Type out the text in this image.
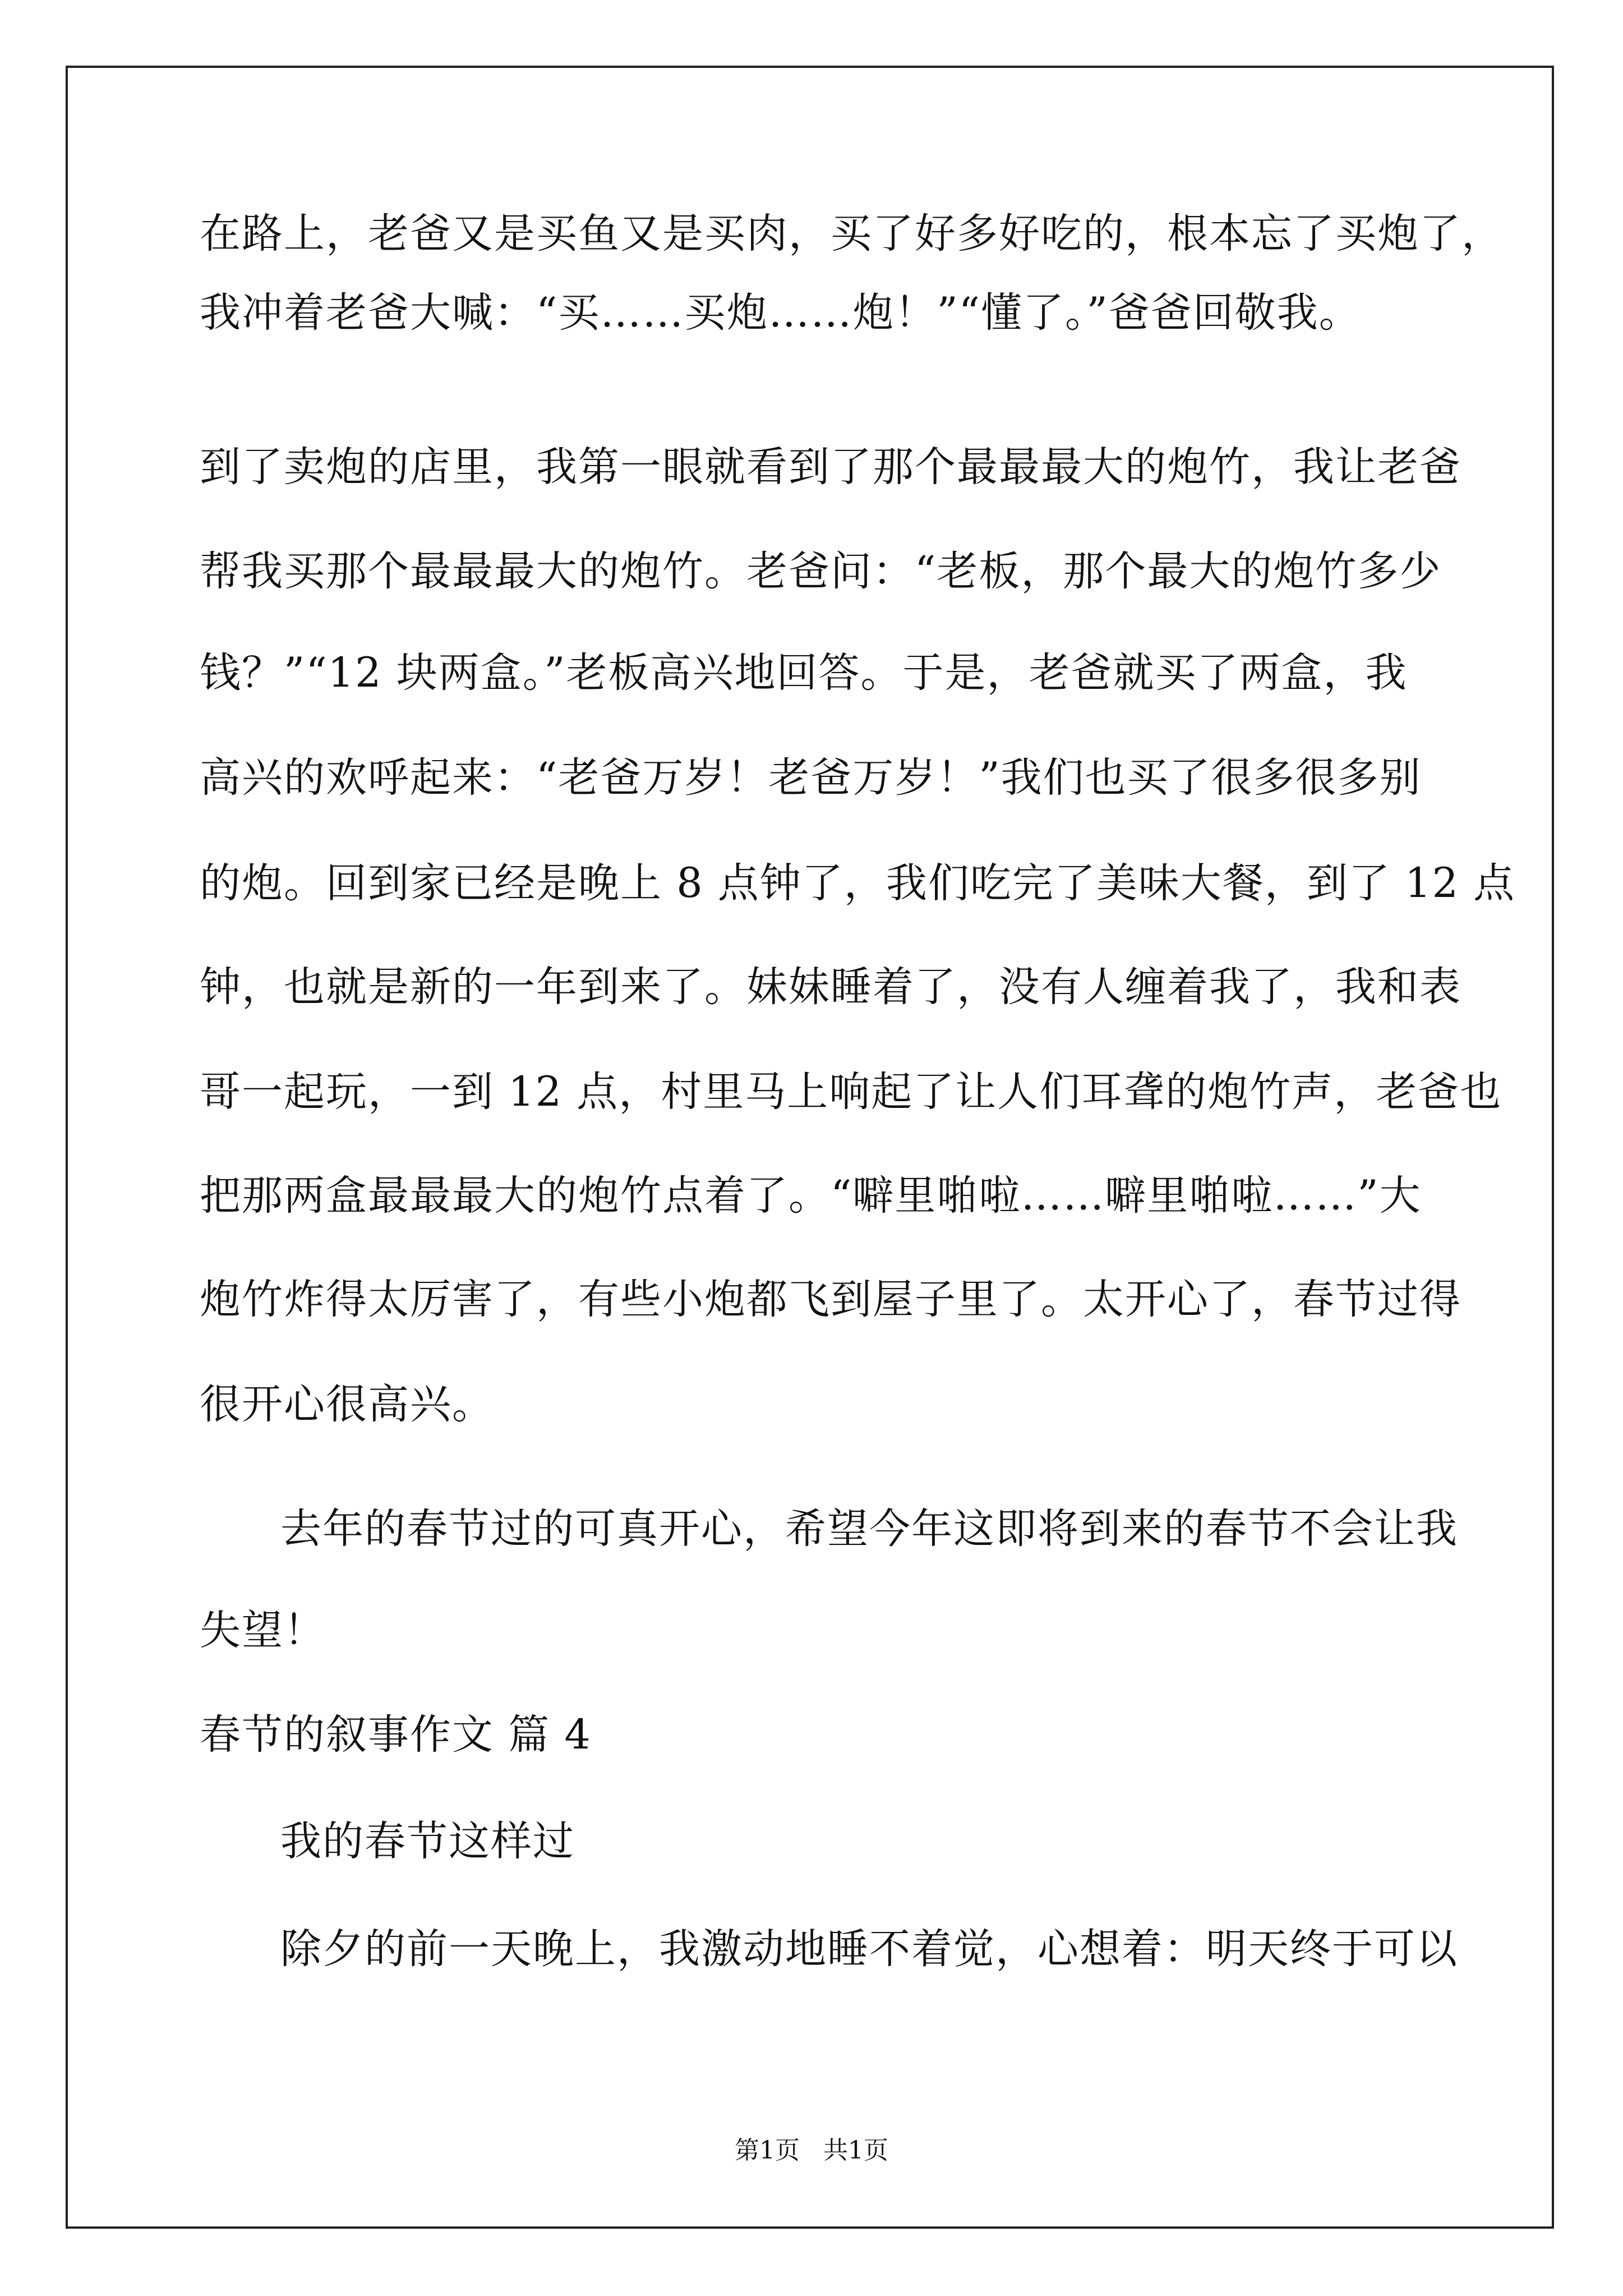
在路上，老爸又是买鱼又是买肉，买了好多好吃的，根本忘了买炮了，
我冲着老爸大喊：“买……买炮……炮！”“懂了。”爸爸回敬我。
到了卖炮的店里，我第一眼就看到了那个最最最大的炮竹，我让老爸
帮我买那个最最最大的炮竹。老爸问：“老板，那个最大的炮竹多少
钱？”“12 块两盒。”老板高兴地回答。于是，老爸就买了两盒，我
高兴的欢呼起来：“老爸万岁！老爸万岁！”我们也买了很多很多别
的炮。回到家已经是晚上 8 点钟了，我们吃完了美味大餐，到了 12 点
钟，也就是新的一年到来了。妹妹睡着了，没有人缠着我了，我和表
哥一起玩，一到 12 点，村里马上响起了让人们耳聋的炮竹声，老爸也
把那两盒最最最大的炮竹点着了。“噼里啪啦……噼里啪啦……”大
炮竹炸得太厉害了，有些小炮都飞到屋子里了。太开心了，春节过得
很开心很高兴。
去年的春节过的可真开心，希望今年这即将到来的春节不会让我
失望！
春节的叙事作文 篇 4
我的春节这样过
除夕的前一天晚上，我激动地睡不着觉，心想着：明天终于可以
第1页   共1页
